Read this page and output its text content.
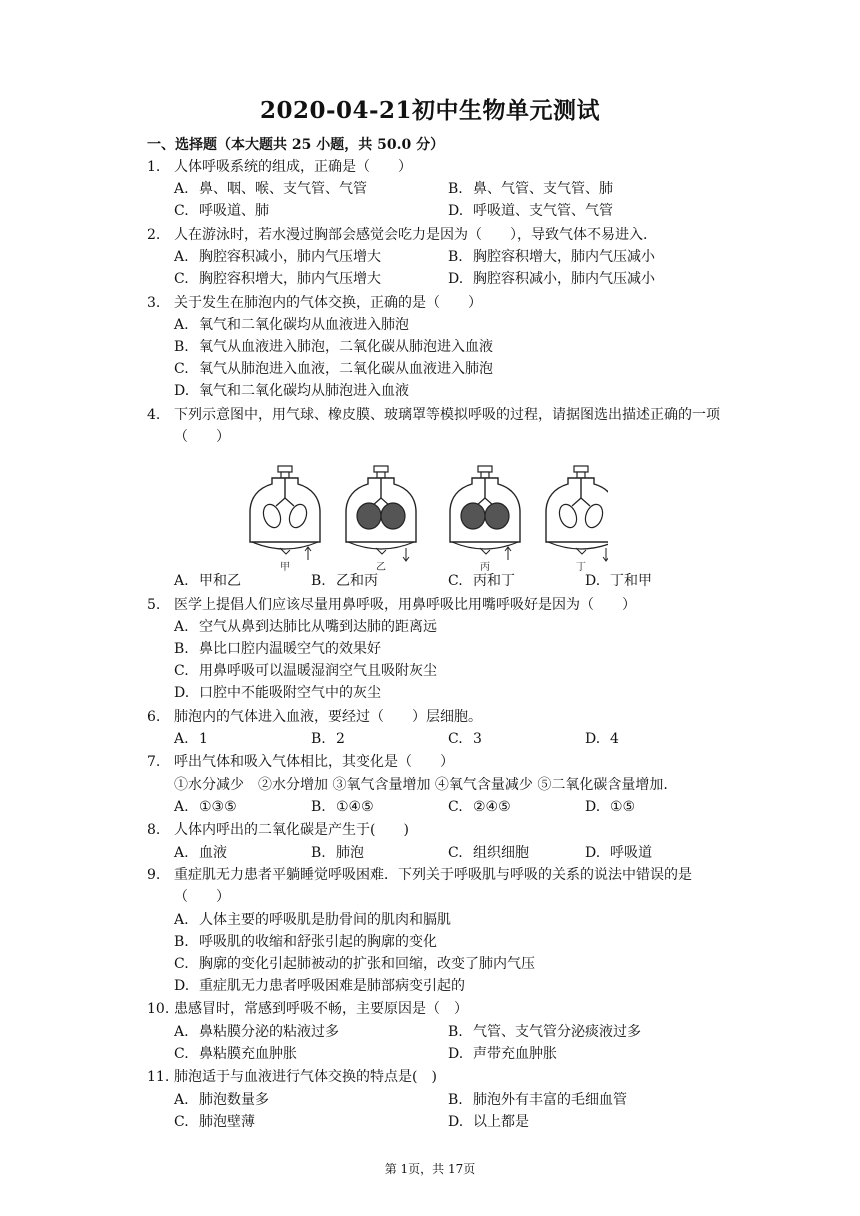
2020-04-21初中生物单元测试
一、选择题（本大题共 25 小题，共 50.0 分）
1. 人体呼吸系统的组成，正确是（　　）
A. 鼻、咽、喉、支气管、气管	B. 鼻、气管、支气管、肺
C. 呼吸道、肺	D. 呼吸道、支气管、气管
2. 人在游泳时，若水漫过胸部会感觉会吃力是因为（　　），导致气体不易进入.
A. 胸腔容积减小，肺内气压增大	B. 胸腔容积增大，肺内气压减小
C. 胸腔容积增大，肺内气压增大	D. 胸腔容积减小，肺内气压减小
3. 关于发生在肺泡内的气体交换，正确的是（　　）
A. 氧气和二氧化碳均从血液进入肺泡
B. 氧气从血液进入肺泡，二氧化碳从肺泡进入血液
C. 氧气从肺泡进入血液，二氧化碳从血液进入肺泡
D. 氧气和二氧化碳均从肺泡进入血液
4. 下列示意图中，用气球、橡皮膜、玻璃罩等模拟呼吸的过程，请据图选出描述正确的一项（　　）
甲	乙	丙	丁
A. 甲和乙	B. 乙和丙	C. 丙和丁	D. 丁和甲
5. 医学上提倡人们应该尽量用鼻呼吸，用鼻呼吸比用嘴呼吸好是因为（　　）
A. 空气从鼻到达肺比从嘴到达肺的距离远
B. 鼻比口腔内温暖空气的效果好
C. 用鼻呼吸可以温暖湿润空气且吸附灰尘
D. 口腔中不能吸附空气中的灰尘
6. 肺泡内的气体进入血液，要经过（　　）层细胞。
A. 1	B. 2	C. 3	D. 4
7. 呼出气体和吸入气体相比，其变化是（　　）
①水分减少　②水分增加 ③氧气含量增加 ④氧气含量减少 ⑤二氧化碳含量增加.
A. ①③⑤	B. ①④⑤	C. ②④⑤	D. ①⑤
8. 人体内呼出的二氧化碳是产生于(　　)
A. 血液	B. 肺泡	C. 组织细胞	D. 呼吸道
9. 重症肌无力患者平躺睡觉呼吸困难．下列关于呼吸肌与呼吸的关系的说法中错误的是（　　）
A. 人体主要的呼吸肌是肋骨间的肌肉和膈肌
B. 呼吸肌的收缩和舒张引起的胸廓的变化
C. 胸廓的变化引起肺被动的扩张和回缩，改变了肺内气压
D. 重症肌无力患者呼吸困难是肺部病变引起的
10. 患感冒时，常感到呼吸不畅，主要原因是（　）
A. 鼻粘膜分泌的粘液过多	B. 气管、支气管分泌痰液过多
C. 鼻粘膜充血肿胀	D. 声带充血肿胀
11. 肺泡适于与血液进行气体交换的特点是(　)
A. 肺泡数量多	B. 肺泡外有丰富的毛细血管
C. 肺泡壁薄	D. 以上都是
第 1页，共 17页
